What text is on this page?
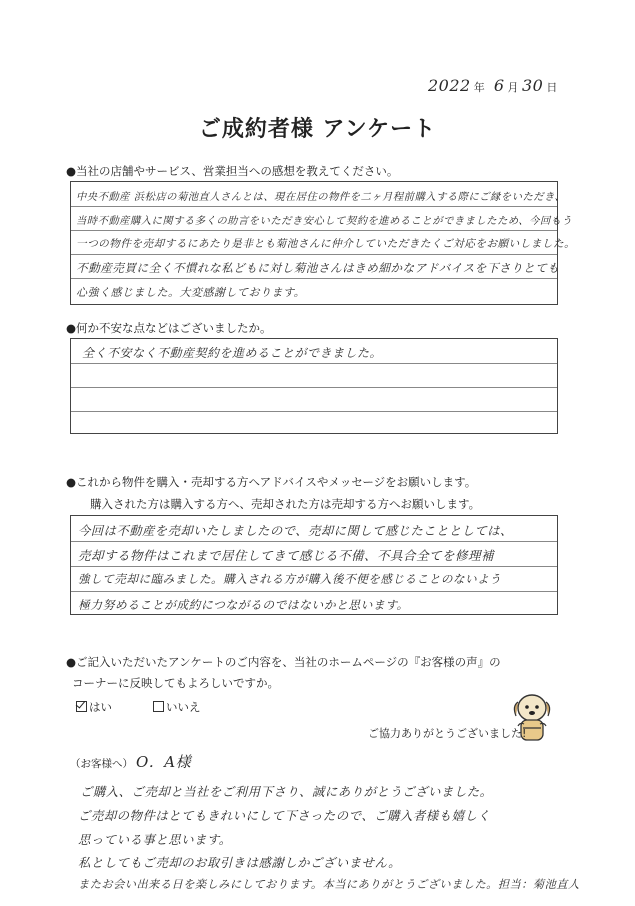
2022 年 6 月 30 日
ご成約者様 アンケート
●当社の店舗やサービス、営業担当への感想を教えてください。
中央不動産 浜松店の菊池直人さんとは、現在居住の物件を二ヶ月程前購入する際にご縁をいただき、
当時不動産購入に関する多くの助言をいただき安心して契約を進めることができましたため、今回もう
一つの物件を売却するにあたり是非とも菊池さんに仲介していただきたくご対応をお願いしました。
不動産売買に全く不慣れな私どもに対し菊池さんはきめ細かなアドバイスを下さりとても
心強く感じました。大変感謝しております。
●何か不安な点などはございましたか。
全く不安なく不動産契約を進めることができました。
●これから物件を購入・売却する方へアドバイスやメッセージをお願いします。
購入された方は購入する方へ、売却された方は売却する方へお願いします。
今回は不動産を売却いたしましたので、売却に関して感じたこととしては、
売却する物件はこれまで居住してきて感じる不備、不具合全てを修理補
強して売却に臨みました。購入される方が購入後不便を感じることのないよう
極力努めることが成約につながるのではないかと思います。
●ご記入いただいたアンケートのご内容を、当社のホームページの『お客様の声』の
コーナーに反映してもよろしいですか。
はい	いいえ
ご協力ありがとうございました!
（お客様へ） O．A様
ご購入、ご売却と当社をご利用下さり、誠にありがとうございました。
ご売却の物件はとてもきれいにして下さったので、ご購入者様も嬉しく
思っている事と思います。
私としてもご売却のお取引きは感謝しかございません。
またお会い出来る日を楽しみにしております。本当にありがとうございました。担当：菊池直人
